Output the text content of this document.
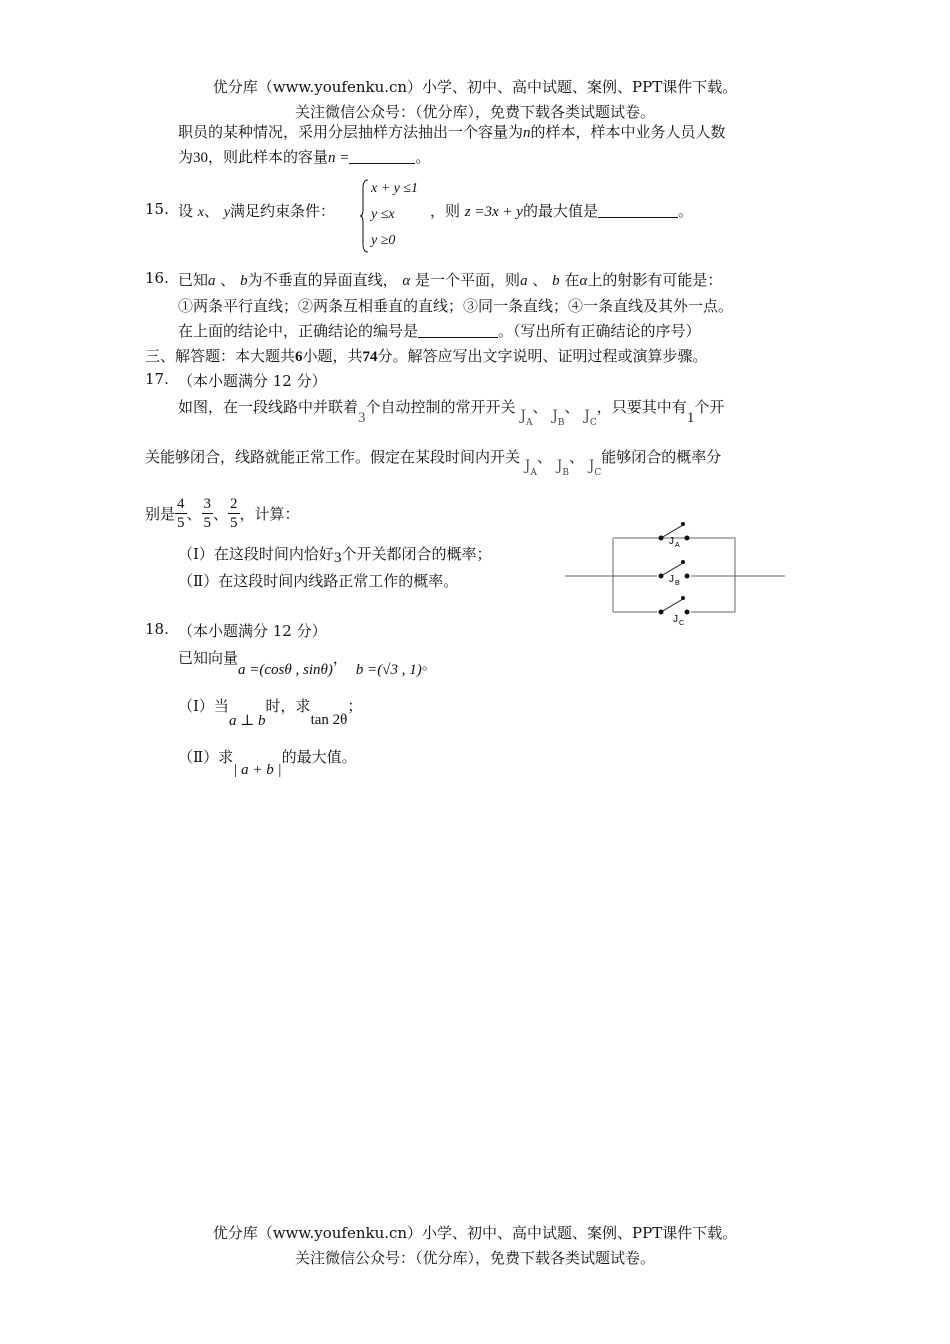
优分库（www.youfenku.cn）小学、初中、高中试题、案例、PPT课件下载。
关注微信公众号：（优分库），免费下载各类试题试卷。
职员的某种情况，采用分层抽样方法抽出一个容量为n的样本，样本中业务人员人数
为30，则此样本的容量n =	。
15. 设 x、 y满足约束条件：
x + y ≤1
y ≤x
y ≥0
，则 z =3x + y的最大值是	。
16. 已知a 、 b为不垂直的异面直线， α 是一个平面，则a 、 b 在α上的射影有可能是：
①两条平行直线；②两条互相垂直的直线；③同一条直线；④一条直线及其外一点。
在上面的结论中，正确结论的编号是	。（写出所有正确结论的序号）
三、解答题：本大题共6小题，共74分。解答应写出文字说明、证明过程或演算步骤。
17. （本小题满分 12 分）
如图，在一段线路中并联着3个自动控制的常开开关 $J_A$、 $J_B$、 $J_C$，只要其中有1个开
关能够闭合，线路就能正常工作。假定在某段时间内开关 $J_A$、 $J_B$、 $J_C$能够闭合的概率分
别是 $\frac{4}{5}$ 、 $\frac{3}{5}$ 、 $\frac{2}{5}$ ，计算：
（Ⅰ）在这段时间内恰好3个开关都闭合的概率；
（Ⅱ）在这段时间内线路正常工作的概率。
J A
J B
J C
18. （本小题满分 12 分）
已知向量a =(cosθ , sinθ)，b =(√3 , 1)。
（Ⅰ）当a ⊥ b时，求tan 2θ；
（Ⅱ）求| a + b |的最大值。
优分库（www.youfenku.cn）小学、初中、高中试题、案例、PPT课件下载。
关注微信公众号：（优分库），免费下载各类试题试卷。
